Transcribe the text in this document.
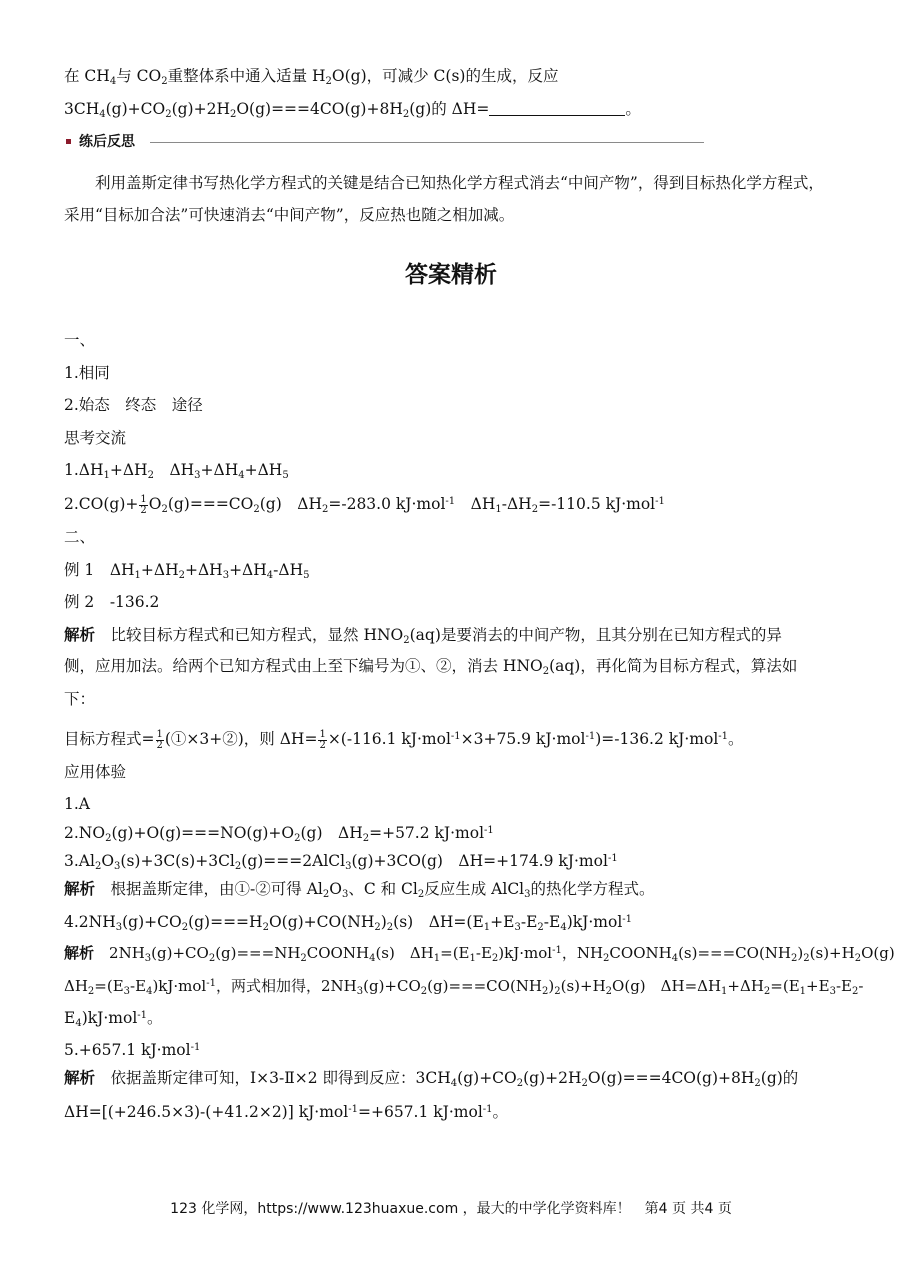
在 $CH_4$与 $CO_2$重整体系中通入适量 $H_2O(g)$，可减少 C(s)的生成，反应
$3CH_4(g)+CO_2(g)+2H_2O(g)===4CO(g)+8H_2(g)$的 ΔH=	。
练后反思
利用盖斯定律书写热化学方程式的关键是结合已知热化学方程式消去“中间产物”，得到目标热化学方程式，采用“目标加合法”可快速消去“中间产物”，反应热也随之相加减。
答案精析
一、
1.相同
2.始态　终态　途径
思考交流
$1.\Delta H_1+\Delta H_2$　$\Delta H_3+\Delta H_4+\Delta H_5$
$2.CO(g)+ \frac{1}{2} O_2(g)===CO_2(g)$　$\Delta H_2=-283.0$ kJ·mol$^{-1}$　$\Delta H_1-\Delta H_2=-110.5$ kJ·mol$^{-1}$
二、
例 1　 $\Delta H_1+\Delta H_2+\Delta H_3+\Delta H_4-\Delta H_5$
例 2　 -136.2
解析　 比较目标方程式和已知方程式，显然 $HNO_2(aq)$是要消去的中间产物，且其分别在已知方程式的异
侧，应用加法。给两个已知方程式由上至下编号为①、②，消去 $HNO_2(aq)$，再化简为目标方程式，算法如
下：
目标方程式= $\frac{1}{2}$ (①×3+②)，则 $\Delta H= \frac{1}{2} \times(-116.1$ kJ·mol$^{-1}$×3+75.9 kJ·mol$^{-1}$)=-136.2 kJ·mol$^{-1}$。
应用体验
1.A
$2.NO_2(g)+O(g)===NO(g)+O_2(g)$　$\Delta H_2=+57.2$ kJ·mol$^{-1}$
$3.Al_2O_3(s)+3C(s)+3Cl_2(g)===2AlCl_3(g)+3CO(g)$　ΔH=+174.9 kJ·mol$^{-1}$
解析　 根据盖斯定律，由①-②可得 $Al_2O_3$、C 和 $Cl_2$反应生成 AlCl$_3$的热化学方程式。
$4.2NH_3(g)+CO_2(g)===H_2O(g)+CO(NH_2)_2(s)$　$\Delta H=(E_1+E_3-E_2-E_4)kJ\cdot mol^{-1}$
解析　 $2NH_3(g)+CO_2(g)===NH_2COONH_4(s)$　$\Delta H_1=(E_1-E_2)kJ\cdot mol^{-1}$，$NH_2COONH_4(s)===CO(NH_2)_2(s)+H_2O(g)$
$\Delta H_2=(E_3-E_4)kJ\cdot mol^{-1}$，两式相加得，$2NH_3(g)+CO_2(g)===CO(NH_2)_2(s)+H_2O(g)$　$\Delta H=\Delta H_1+\Delta H_2=(E_1+E_3-E_2-$
$E_4)kJ\cdot mol^{-1}$。
5.+657.1 kJ·mol$^{-1}$
解析　 依据盖斯定律可知，Ⅰ×3-Ⅱ×2 即得到反应：$3CH_4(g)+CO_2(g)+2H_2O(g)===4CO(g)+8H_2(g)$的
ΔH=[(+246.5×3)-(+41.2×2)] kJ·mol$^{-1}$=+657.1 kJ·mol$^{-1}$。
123 化学网，https://www.123huaxue.com ，最大的中学化学资料库！　第4 页 共4 页
